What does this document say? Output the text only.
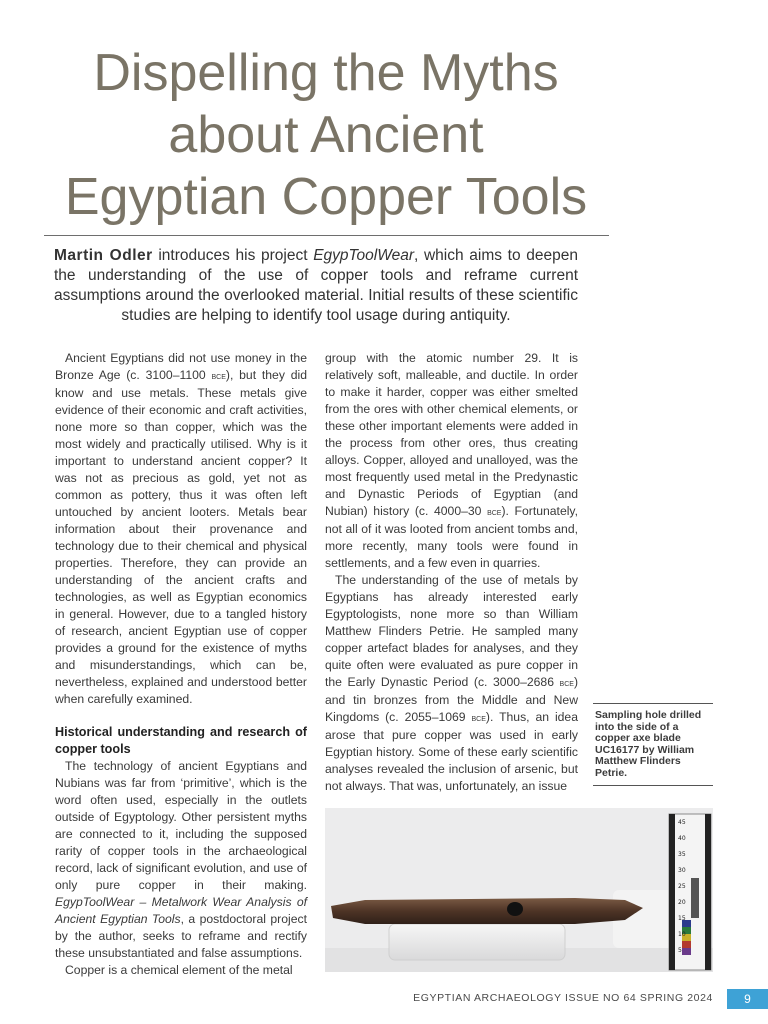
Dispelling the Myths
about Ancient
Egyptian Copper Tools
Martin Odler introduces his project EgypToolWear, which aims to deepen the understanding of the use of copper tools and reframe current assumptions around the overlooked material. Initial results of these scientific studies are helping to identify tool usage during antiquity.

Ancient Egyptians did not use money in the Bronze Age (c. 3100–1100 bce), but they did know and use metals. These metals give evidence of their economic and craft activities, none more so than copper, which was the most widely and practically utilised. Why is it important to understand ancient copper? It was not as precious as gold, yet not as common as pottery, thus it was often left untouched by ancient looters. Metals bear information about their provenance and technology due to their chemical and physical properties. Therefore, they can provide an understanding of the ancient crafts and technologies, as well as Egyptian economics in general. However, due to a tangled history of research, ancient Egyptian use of copper provides a ground for the existence of myths and misunderstandings, which can be, nevertheless, explained and understood better when carefully examined.

Historical understanding and research of copper tools

The technology of ancient Egyptians and Nubians was far from ‘primitive’, which is the word often used, especially in the outlets outside of Egyptology. Other persistent myths are connected to it, including the supposed rarity of copper tools in the archaeological record, lack of significant evolution, and use of only pure copper in their making. EgypToolWear – Metalwork Wear Analysis of Ancient Egyptian Tools, a postdoctoral project by the author, seeks to reframe and rectify these unsubstantiated and false assumptions.

Copper is a chemical element of the metal

group with the atomic number 29. It is relatively soft, malleable, and ductile. In order to make it harder, copper was either smelted from the ores with other chemical elements, or these other important elements were added in the process from other ores, thus creating alloys. Copper, alloyed and unalloyed, was the most frequently used metal in the Predynastic and Dynastic Periods of Egyptian (and Nubian) history (c. 4000–30 bce). Fortunately, not all of it was looted from ancient tombs and, more recently, many tools were found in settlements, and a few even in quarries.

The understanding of the use of metals by Egyptians has already interested early Egyptologists, none more so than William Matthew Flinders Petrie. He sampled many copper artefact blades for analyses, and they quite often were evaluated as pure copper in the Early Dynastic Period (c. 3000–2686 bce) and tin bronzes from the Middle and New Kingdoms (c. 2055–1069 bce). Thus, an idea arose that pure copper was used in early Egyptian history. Some of these early scientific analyses revealed the inclusion of arsenic, but not always. That was, unfortunately, an issue

Sampling hole drilled into the side of a copper axe blade UC16177 by William Matthew Flinders Petrie.
45
40
35
30
25
20
15
10
5
EGYPTIAN ARCHAEOLOGY ISSUE NO 64 SPRING 2024	9
